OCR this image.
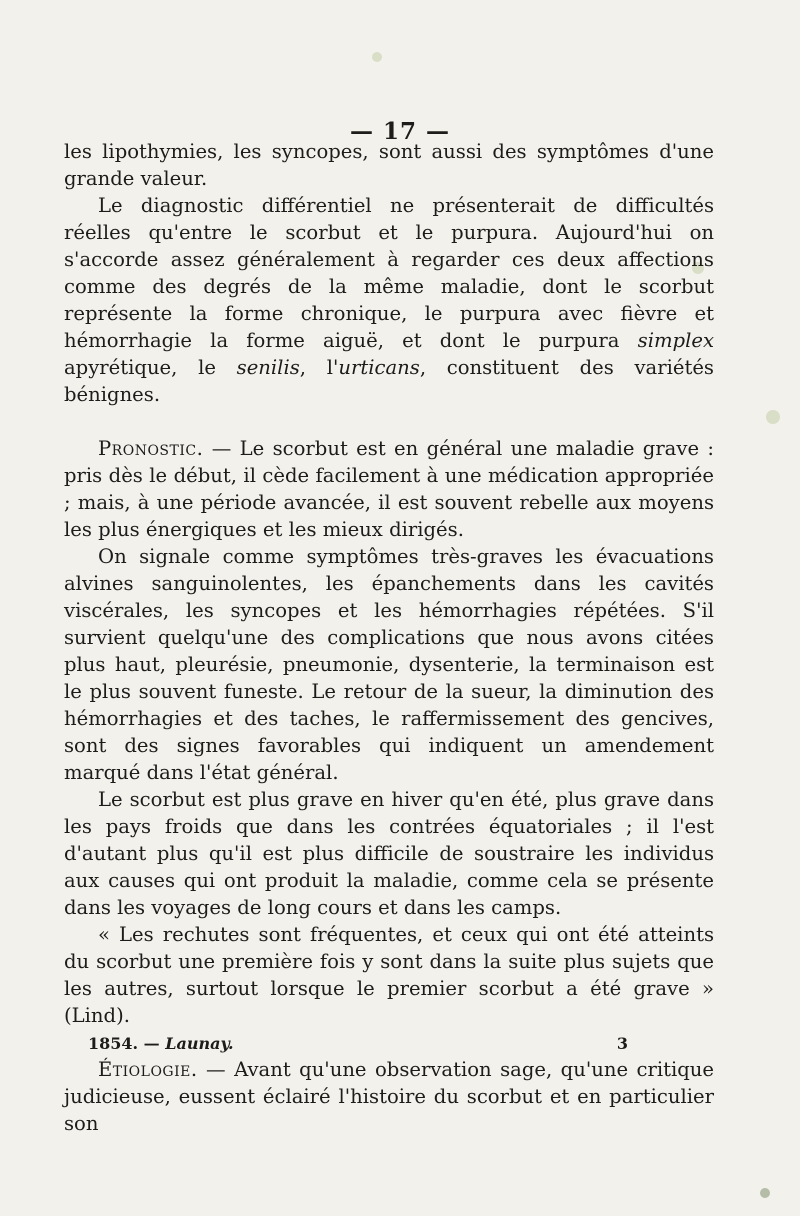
— 17 —

les lipothymies, les syncopes, sont aussi des symptômes d'une grande valeur.

Le diagnostic différentiel ne présenterait de difficultés réelles qu'entre le scorbut et le purpura. Aujourd'hui on s'accorde assez généralement à regarder ces deux affections comme des degrés de la même maladie, dont le scorbut représente la forme chronique, le purpura avec fièvre et hémorrhagie la forme aiguë, et dont le purpura simplex apyrétique, le senilis, l'urticans, constituent des variétés bénignes.

Pronostic. — Le scorbut est en général une maladie grave : pris dès le début, il cède facilement à une médication appropriée ; mais, à une période avancée, il est souvent rebelle aux moyens les plus énergiques et les mieux dirigés.

On signale comme symptômes très-graves les évacuations alvines sanguinolentes, les épanchements dans les cavités viscérales, les syncopes et les hémorrhagies répétées. S'il survient quelqu'une des complications que nous avons citées plus haut, pleurésie, pneumonie, dysenterie, la terminaison est le plus souvent funeste. Le retour de la sueur, la diminution des hémorrhagies et des taches, le raffermissement des gencives, sont des signes favorables qui indiquent un amendement marqué dans l'état général.

Le scorbut est plus grave en hiver qu'en été, plus grave dans les pays froids que dans les contrées équatoriales ; il l'est d'autant plus qu'il est plus difficile de soustraire les individus aux causes qui ont produit la maladie, comme cela se présente dans les voyages de long cours et dans les camps.

« Les rechutes sont fréquentes, et ceux qui ont été atteints du scorbut une première fois y sont dans la suite plus sujets que les autres, surtout lorsque le premier scorbut a été grave » (Lind).

Étiologie. — Avant qu'une observation sage, qu'une critique judicieuse, eussent éclairé l'histoire du scorbut et en particulier son

1854. — Launay.	3
